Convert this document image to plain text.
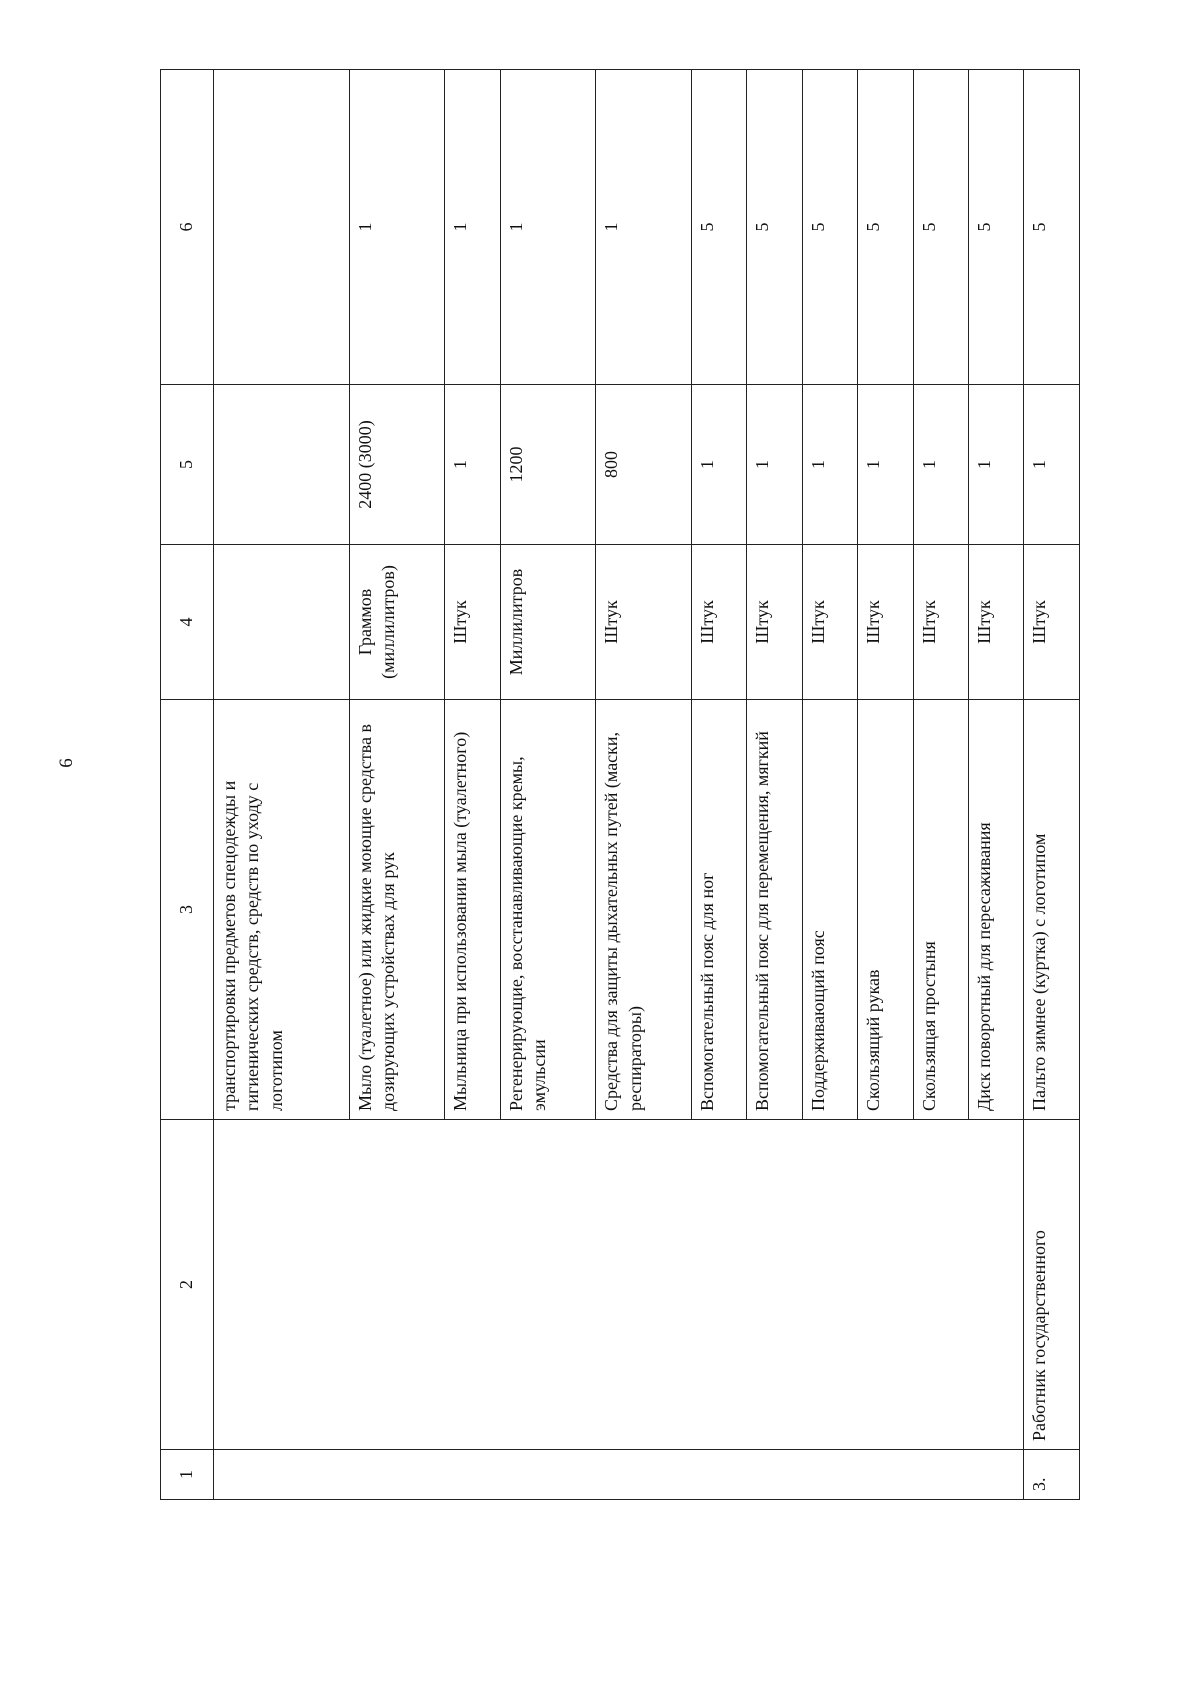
6
1	2	3	4	5	6
		транспортировки предметов спецодежды и гигиенических средств, средств по уходу с логотипом			
		Мыло (туалетное) или жидкие моющие средства в дозирующих устройствах для рук	Граммов (миллилитров)	2400 (3000)	1
		Мыльница при использовании мыла (туалетного)	Штук	1	1
		Регенерирующие, восстанавливающие кремы, эмульсии	Миллилитров	1200	1
		Средства для защиты дыхательных путей (маски, респираторы)	Штук	800	1
		Вспомогательный пояс для ног	Штук	1	5
		Вспомогательный пояс для перемещения, мягкий	Штук	1	5
		Поддерживающий пояс	Штук	1	5
		Скользящий рукав	Штук	1	5
		Скользящая простыня	Штук	1	5
		Диск поворотный для пересаживания	Штук	1	5
3.	Работник государственного	Пальто зимнее (куртка) с логотипом	Штук	1	5
